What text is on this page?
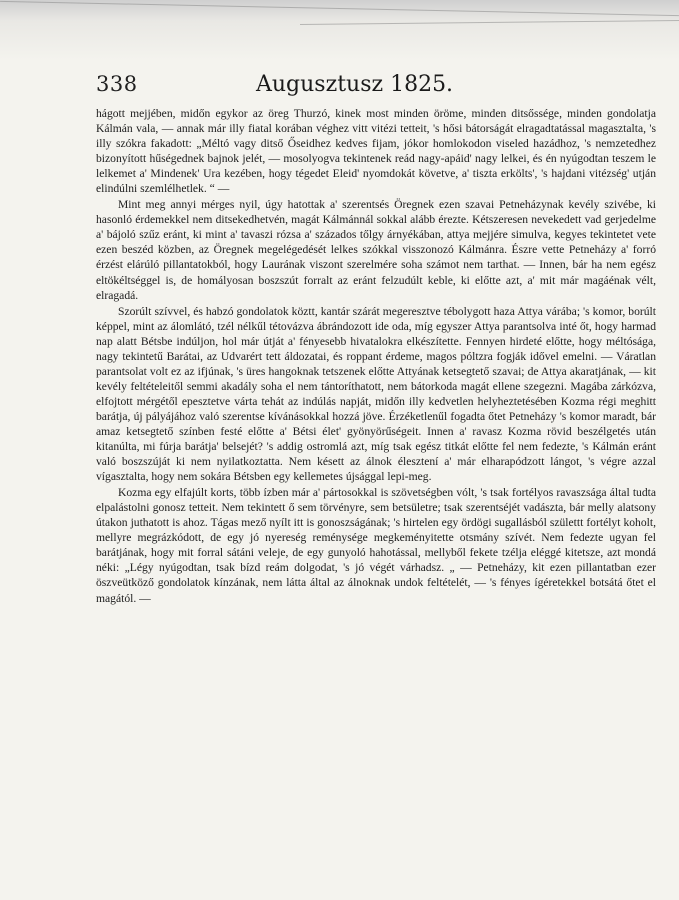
338	Augusztusz 1825.

hágott mejjében, midőn egykor az öreg Thurzó, kinek most minden öröme, minden ditsőssége, minden gondolatja Kálmán vala, — annak már illy fiatal korában véghez vitt vitézi tetteit, 's hősi bátorságát elragadtatással magasztalta, 's illy szókra fakadott: „Méltó vagy ditső Őseidhez kedves fijam, jókor homlokodon viseled hazádhoz, 's nemzetedhez bizonyított hűségednek bajnok jelét, — mosolyogva tekintenek reád nagy-apáid' nagy lelkei, és én nyúgodtan teszem le lelkemet a' Mindenek' Ura kezében, hogy tégedet Eleid' nyomdokát követve, a' tiszta erkölts', 's hajdani vitézség' utján elindúlni szemlélhetlek. “ —

Mint meg annyi mérges nyil, úgy hatottak a' szerentsés Öregnek ezen szavai Petneházynak kevély szivébe, ki hasonló érdemekkel nem ditsekedhetvén, magát Kálmánnál sokkal alább érezte. Kétszeresen nevekedett vad gerjedelme a' bájoló szűz eránt, ki mint a' tavaszi rózsa a' százados tőlgy árnyékában, attya mejjére simulva, kegyes tekintetet vete ezen beszéd közben, az Öregnek megelégedését lelkes szókkal visszonozó Kálmánra. Észre vette Petneházy a' forró érzést elárúló pillantatokból, hogy Laurának viszont szerelmére soha számot nem tarthat. — Innen, bár ha nem egész eltökéltséggel is, de homályosan boszszút forralt az eránt felzudúlt keble, ki előtte azt, a' mit már magáénak vélt, elragadá.

Szorúlt szívvel, és habzó gondolatok köztt, kantár szárát megeresztve tébolygott haza Attya várába; 's komor, borúlt képpel, mint az álomlátó, tzél nélkűl tétovázva ábrándozott ide oda, míg egyszer Attya parantsolva inté őt, hogy harmad nap alatt Bétsbe indúljon, hol már útját a' fényesebb hivatalokra elkészítette. Fennyen hirdeté előtte, hogy méltósága, nagy tekintetű Barátai, az Udvarért tett áldozatai, és roppant érdeme, magos póltzra fogják idővel emelni. — Váratlan parantsolat volt ez az ifjúnak, 's üres hangoknak tetszenek előtte Attyának ketsegtető szavai; de Attya akaratjának, — kit kevély feltételeitől semmi akadály soha el nem tántoríthatott, nem bátorkoda magát ellene szegezni. Magába zárkózva, elfojtott mérgétől epesztetve várta tehát az indúlás napját, midőn illy kedvetlen helyheztetésében Kozma régi meghitt barátja, új pályájához való szerentse kívánásokkal hozzá jöve. Érzéketlenűl fogadta őtet Petneházy 's komor maradt, bár amaz ketsegtető színben festé előtte a' Bétsi élet' gyönyörűségeit. Innen a' ravasz Kozma rövid beszélgetés után kitanúlta, mi fúrja barátja' belsejét? 's addig ostromlá azt, míg tsak egész titkát előtte fel nem fedezte, 's Kálmán eránt való boszszúját ki nem nyilatkoztatta. Nem késett az álnok élesztení a' már elharapódzott lángot, 's végre azzal vígasztalta, hogy nem sokára Bétsben egy kellemetes újsággal lepi-meg.

Kozma egy elfajúlt korts, több ízben már a' pártosokkal is szövetségben vólt, 's tsak fortélyos ravaszsága által tudta elpalástolni gonosz tetteit. Nem tekintett ő sem törvényre, sem betsületre; tsak szerentséjét vadászta, bár melly alatsony útakon juthatott is ahoz. Tágas mező nyílt itt is gonoszságának; 's hirtelen egy ördögi sugallásból születtt fortélyt koholt, mellyre megrázkódott, de egy jó nyereség reménysége megkeményitette otsmány szívét. Nem fedezte ugyan fel barátjának, hogy mit forral sátáni veleje, de egy gunyoló hahotással, mellyből fekete tzélja eléggé kitetsze, azt mondá néki: „Légy nyúgodtan, tsak bízd reám dolgodat, 's jó végét várhadsz. „ — Petneházy, kit ezen pillantatban ezer öszveütköző gondolatok kínzának, nem látta által az álnoknak undok feltételét, — 's fényes ígéretekkel botsátá őtet el magától. —
